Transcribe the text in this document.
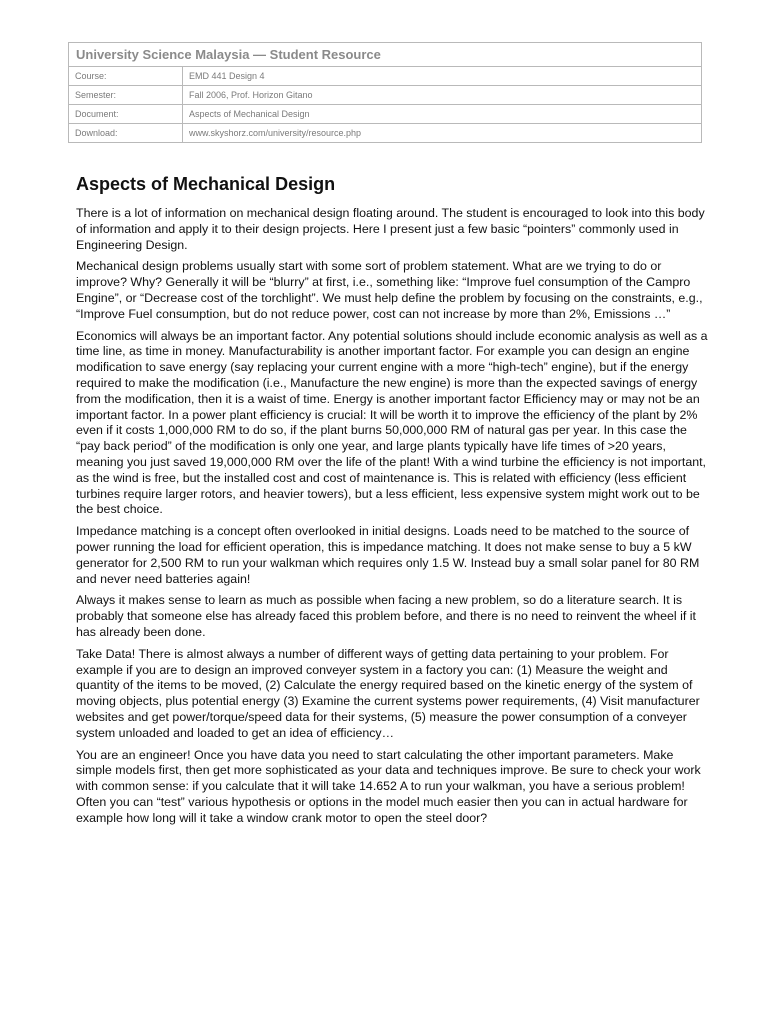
University Science Malaysia — Student Resource	
Course:	EMD 441 Design 4
Semester:	Fall 2006, Prof. Horizon Gitano
Document:	Aspects of Mechanical Design
Download:	www.skyshorz.com/university/resource.php
Aspects of Mechanical Design

There is a lot of information on mechanical design floating around. The student is encouraged to look into this body of information and apply it to their design projects. Here I present just a few basic “pointers” commonly used in Engineering Design.

Mechanical design problems usually start with some sort of problem statement. What are we trying to do or improve? Why? Generally it will be “blurry” at first, i.e., something like: “Improve fuel consumption of the Campro Engine”, or “Decrease cost of the torchlight”. We must help define the problem by focusing on the constraints, e.g., “Improve Fuel consumption, but do not reduce power, cost can not increase by more than 2%, Emissions …”

Economics will always be an important factor. Any potential solutions should include economic analysis as well as a time line, as time in money. Manufacturability is another important factor. For example you can design an engine modification to save energy (say replacing your current engine with a more “high-tech” engine), but if the energy required to make the modification (i.e., Manufacture the new engine) is more than the expected savings of energy from the modification, then it is a waist of time. Energy is another important factor Efficiency may or may not be an important factor. In a power plant efficiency is crucial: It will be worth it to improve the efficiency of the plant by 2% even if it costs 1,000,000 RM to do so, if the plant burns 50,000,000 RM of natural gas per year. In this case the “pay back period” of the modification is only one year, and large plants typically have life times of >20 years, meaning you just saved 19,000,000 RM over the life of the plant! With a wind turbine the efficiency is not important, as the wind is free, but the installed cost and cost of maintenance is. This is related with efficiency (less efficient turbines require larger rotors, and heavier towers), but a less efficient, less expensive system might work out to be the best choice.

Impedance matching is a concept often overlooked in initial designs. Loads need to be matched to the source of power running the load for efficient operation, this is impedance matching. It does not make sense to buy a 5 kW generator for 2,500 RM to run your walkman which requires only 1.5 W. Instead buy a small solar panel for 80 RM and never need batteries again!

Always it makes sense to learn as much as possible when facing a new problem, so do a literature search. It is probably that someone else has already faced this problem before, and there is no need to reinvent the wheel if it has already been done.

Take Data! There is almost always a number of different ways of getting data pertaining to your problem. For example if you are to design an improved conveyer system in a factory you can: (1) Measure the weight and quantity of the items to be moved, (2) Calculate the energy required based on the kinetic energy of the system of moving objects, plus potential energy (3) Examine the current systems power requirements, (4) Visit manufacturer websites and get power/torque/speed data for their systems, (5) measure the power consumption of a conveyer system unloaded and loaded to get an idea of efficiency…

You are an engineer! Once you have data you need to start calculating the other important parameters. Make simple models first, then get more sophisticated as your data and techniques improve. Be sure to check your work with common sense: if you calculate that it will take 14.652 A to run your walkman, you have a serious problem! Often you can “test” various hypothesis or options in the model much easier then you can in actual hardware for example how long will it take a window crank motor to open the steel door?
